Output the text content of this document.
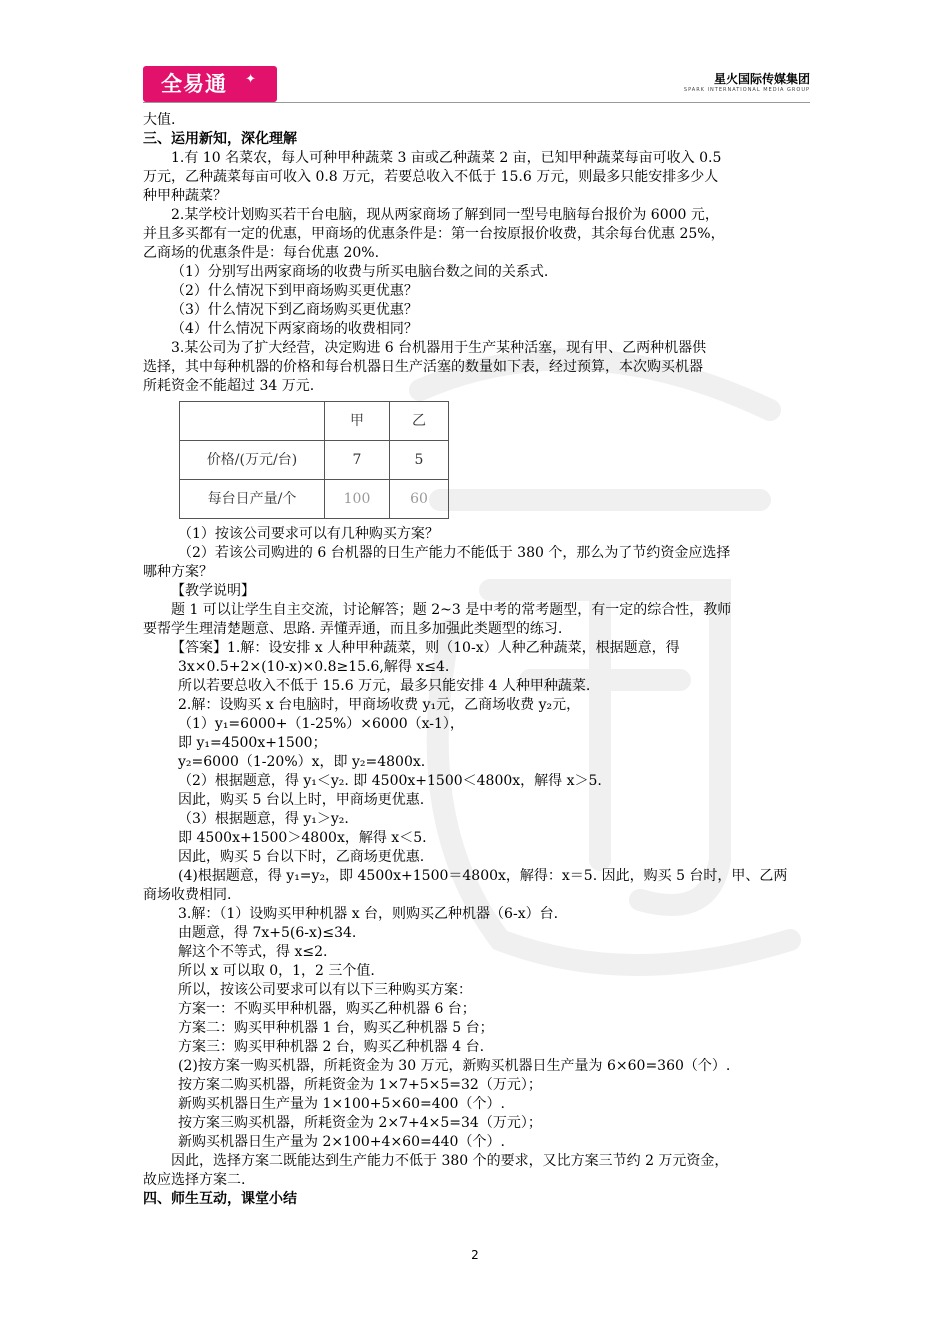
全易通 ✦	星火国际传媒集团
SPARK INTERNATIONAL MEDIA GROUP

大值.

三、运用新知，深化理解

1.有 10 名菜农，每人可种甲种蔬菜 3 亩或乙种蔬菜 2 亩，已知甲种蔬菜每亩可收入 0.5

万元，乙种蔬菜每亩可收入 0.8 万元，若要总收入不低于 15.6 万元，则最多只能安排多少人

种甲种蔬菜？

2.某学校计划购买若干台电脑，现从两家商场了解到同一型号电脑每台报价为 6000 元，

并且多买都有一定的优惠，甲商场的优惠条件是：第一台按原报价收费，其余每台优惠 25%，

乙商场的优惠条件是：每台优惠 20%.

（1）分别写出两家商场的收费与所买电脑台数之间的关系式.

（2）什么情况下到甲商场购买更优惠？

（3）什么情况下到乙商场购买更优惠？

（4）什么情况下两家商场的收费相同？

3.某公司为了扩大经营，决定购进 6 台机器用于生产某种活塞，现有甲、乙两种机器供

选择，其中每种机器的价格和每台机器日生产活塞的数量如下表，经过预算，本次购买机器

所耗资金不能超过 34 万元.

	甲	乙
价格/(万元/台)	7	5
每台日产量/个	100	60

（1）按该公司要求可以有几种购买方案？

（2）若该公司购进的 6 台机器的日生产能力不能低于 380 个，那么为了节约资金应选择

哪种方案？

【教学说明】

题 1 可以让学生自主交流，讨论解答；题 2~3 是中考的常考题型，有一定的综合性，教师

要帮学生理清楚题意、思路. 弄懂弄通，而且多加强此类题型的练习.

【答案】1.解：设安排 x 人种甲种蔬菜，则（10-x）人种乙种蔬菜，根据题意，得

3x×0.5+2×(10-x)×0.8≥15.6,解得 x≤4.

所以若要总收入不低于 15.6 万元，最多只能安排 4 人种甲种蔬菜.

2.解：设购买 x 台电脑时，甲商场收费 y₁元，乙商场收费 y₂元，

（1）y₁=6000+（1-25%）×6000（x-1），

即 y₁=4500x+1500；

y₂=6000（1-20%）x，即 y₂=4800x.

（2）根据题意，得 y₁＜y₂. 即 4500x+1500＜4800x，解得 x＞5.

因此，购买 5 台以上时，甲商场更优惠.

（3）根据题意，得 y₁＞y₂.

即 4500x+1500＞4800x，解得 x＜5.

因此，购买 5 台以下时，乙商场更优惠.

(4)根据题意，得 y₁=y₂，即 4500x+1500＝4800x，解得：x＝5. 因此，购买 5 台时，甲、乙两

商场收费相同.

3.解：（1）设购买甲种机器 x 台，则购买乙种机器（6-x）台.

由题意，得 7x+5(6-x)≤34.

解这个不等式，得 x≤2.

所以 x 可以取 0，1，2 三个值.

所以，按该公司要求可以有以下三种购买方案：

方案一：不购买甲种机器，购买乙种机器 6 台；

方案二：购买甲种机器 1 台，购买乙种机器 5 台；

方案三：购买甲种机器 2 台，购买乙种机器 4 台.

(2)按方案一购买机器，所耗资金为 30 万元，新购买机器日生产量为 6×60=360（个）.

按方案二购买机器，所耗资金为 1×7+5×5=32（万元）；

新购买机器日生产量为 1×100+5×60=400（个）.

按方案三购买机器，所耗资金为 2×7+4×5=34（万元）；

新购买机器日生产量为 2×100+4×60=440（个）.

因此，选择方案二既能达到生产能力不低于 380 个的要求，又比方案三节约 2 万元资金，

故应选择方案二.

四、师生互动，课堂小结

2
